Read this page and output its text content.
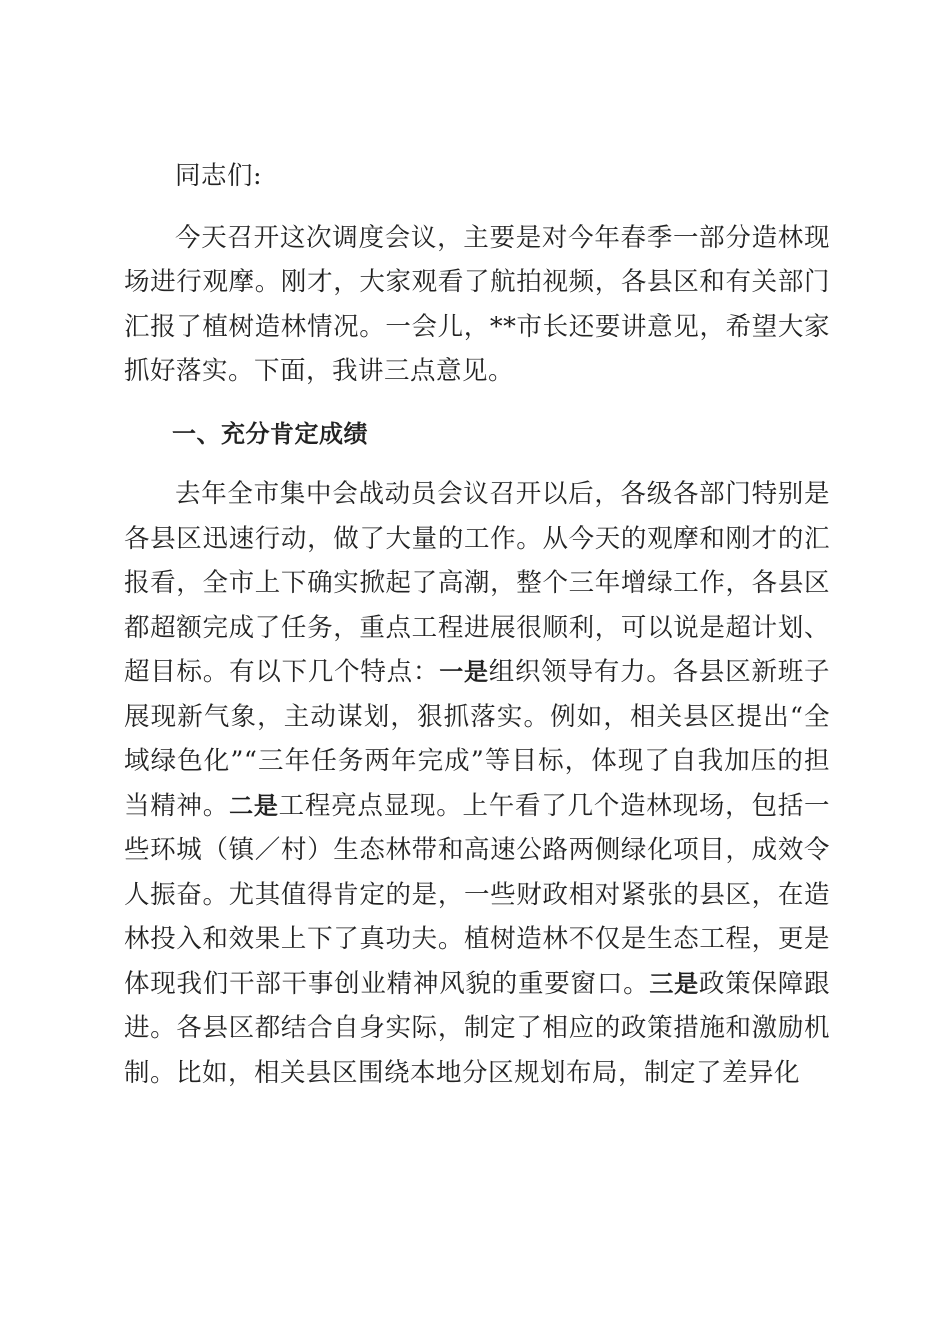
同志们:

今天召开这次调度会议，主要是对今年春季一部分造林现场进行观摩。刚才，大家观看了航拍视频，各县区和有关部门汇报了植树造林情况。一会儿，**市长还要讲意见，希望大家抓好落实。下面，我讲三点意见。

一、充分肯定成绩

去年全市集中会战动员会议召开以后，各级各部门特别是各县区迅速行动，做了大量的工作。从今天的观摩和刚才的汇报看，全市上下确实掀起了高潮，整个三年增绿工作，各县区都超额完成了任务，重点工程进展很顺利，可以说是超计划、超目标。有以下几个特点：一是组织领导有力。各县区新班子展现新气象，主动谋划，狠抓落实。例如，相关县区提出“全域绿色化”“三年任务两年完成”等目标，体现了自我加压的担当精神。二是工程亮点显现。上午看了几个造林现场，包括一些环城（镇／村）生态林带和高速公路两侧绿化项目，成效令人振奋。尤其值得肯定的是，一些财政相对紧张的县区，在造林投入和效果上下了真功夫。植树造林不仅是生态工程，更是体现我们干部干事创业精神风貌的重要窗口。三是政策保障跟进。各县区都结合自身实际，制定了相应的政策措施和激励机制。比如，相关县区围绕本地分区规划布局，制定了差异化
